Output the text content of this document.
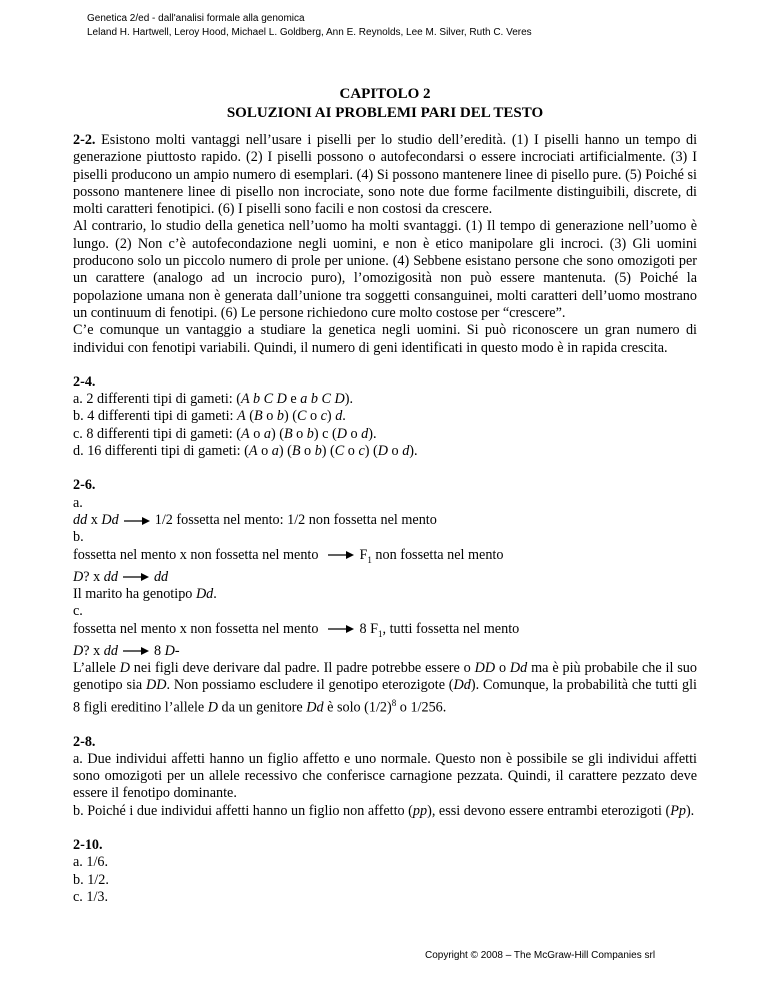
Genetica 2/ed - dall'analisi formale alla genomica
Leland H. Hartwell, Leroy Hood, Michael L. Goldberg, Ann E. Reynolds, Lee M. Silver, Ruth C. Veres
CAPITOLO 2
SOLUZIONI AI PROBLEMI PARI DEL TESTO

2-2. Esistono molti vantaggi nell’usare i piselli per lo studio dell’eredità. (1) I piselli hanno un tempo di generazione piuttosto rapido. (2) I piselli possono o autofecondarsi o essere incrociati artificialmente. (3) I piselli producono un ampio numero di esemplari. (4) Si possono mantenere linee di pisello pure. (5) Poiché si possono mantenere linee di pisello non incrociate, sono note due forme facilmente distinguibili, discrete, di molti caratteri fenotipici. (6) I piselli sono facili e non costosi da crescere.

Al contrario, lo studio della genetica nell’uomo ha molti svantaggi. (1) Il tempo di generazione nell’uomo è lungo. (2) Non c’è autofecondazione negli uomini, e non è etico manipolare gli incroci. (3) Gli uomini producono solo un piccolo numero di prole per unione. (4) Sebbene esistano persone che sono omozigoti per un carattere (analogo ad un incrocio puro), l’omozigosità non può essere mantenuta. (5) Poiché la popolazione umana non è generata dall’unione tra soggetti consanguinei, molti caratteri dell’uomo mostrano un continuum di fenotipi. (6) Le persone richiedono cure molto costose per “crescere”.

C’e comunque un vantaggio a studiare la genetica negli uomini. Si può riconoscere un gran numero di individui con fenotipi variabili. Quindi, il numero di geni identificati in questo modo è in rapida crescita.

2-4.
a. 2 differenti tipi di gameti: (A b C D e a b C D).
b. 4 differenti tipi di gameti: A (B o b) (C o c) d.
c. 8 differenti tipi di gameti: (A o a) (B o b) c (D o d).
d. 16 differenti tipi di gameti: (A o a) (B o b) (C o c) (D o d).
2-6.
a.
dd x Dd	1/2 fossetta nel mento: 1/2 non fossetta nel mento
b.
fossetta nel mento x non fossetta nel mento	$F_1$ non fossetta nel mento
D? x dd	dd
Il marito ha genotipo Dd.
c.
fossetta nel mento x non fossetta nel mento	8 $F_1$, tutti fossetta nel mento
D? x dd	8 D-

L’allele D nei figli deve derivare dal padre. Il padre potrebbe essere o DD o Dd ma è più probabile che il suo genotipo sia DD. Non possiamo escludere il genotipo eterozigote (Dd). Comunque, la probabilità che tutti gli 8 figli ereditino l’allele D da un genitore Dd è solo $(1/2)^8$ o 1/256.

2-8.

a. Due individui affetti hanno un figlio affetto e uno normale. Questo non è possibile se gli individui affetti sono omozigoti per un allele recessivo che conferisce carnagione pezzata. Quindi, il carattere pezzato deve essere il fenotipo dominante.

b. Poiché i due individui affetti hanno un figlio non affetto (pp), essi devono essere entrambi eterozigoti (Pp).

2-10.
a. 1/6.
b. 1/2.
c. 1/3.
Copyright © 2008 – The McGraw-Hill Companies srl
